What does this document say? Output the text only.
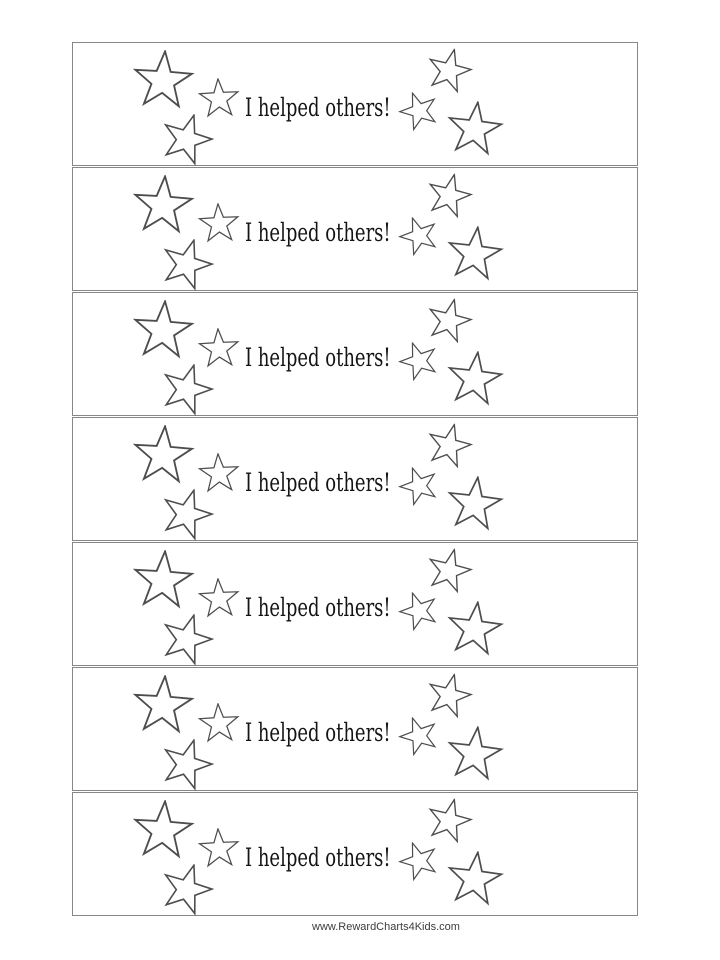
I helped others!
I helped others!
I helped others!
I helped others!
I helped others!
I helped others!
I helped others!
www.RewardCharts4Kids.com
